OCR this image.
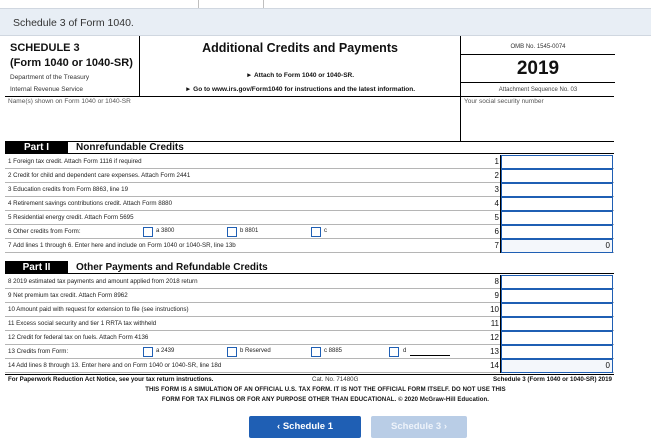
Schedule 3 of Form 1040.
SCHEDULE 3
(Form 1040 or 1040-SR)
Department of the Treasury
Internal Revenue Service
Additional Credits and Payments
► Attach to Form 1040 or 1040-SR.
► Go to www.irs.gov/Form1040 for instructions and the latest information.
OMB No. 1545-0074
2019
Attachment Sequence No. 03
Name(s) shown on Form 1040 or 1040-SR	Your social security number
Part I	Nonrefundable Credits
1 Foreign tax credit. Attach Form 1116 if required	1
2 Credit for child and dependent care expenses. Attach Form 2441	2
3 Education credits from Form 8863, line 19	3
4 Retirement savings contributions credit. Attach Form 8880	4
5 Residential energy credit. Attach Form 5695	5
6 Other credits from Form:	a 3800	b 8801	c	6
7 Add lines 1 through 6. Enter here and include on Form 1040 or 1040-SR, line 13b	7	0
Part II	Other Payments and Refundable Credits
8 2019 estimated tax payments and amount applied from 2018 return	8
9 Net premium tax credit. Attach Form 8962	9
10 Amount paid with request for extension to file (see instructions)	10
11 Excess social security and tier 1 RRTA tax withheld	11
12 Credit for federal tax on fuels. Attach Form 4136	12
13 Credits from Form:	a 2439	b Reserved	c 8885	d	13
14 Add lines 8 through 13. Enter here and on Form 1040 or 1040-SR, line 18d	14	0
For Paperwork Reduction Act Notice, see your tax return instructions.	Cat. No. 71480G	Schedule 3 (Form 1040 or 1040-SR) 2019
THIS FORM IS A SIMULATION OF AN OFFICIAL U.S. TAX FORM. IT IS NOT THE OFFICIAL FORM ITSELF. DO NOT USE THIS
FORM FOR TAX FILINGS OR FOR ANY PURPOSE OTHER THAN EDUCATIONAL. © 2020 McGraw-Hill Education.
‹ Schedule 1	Schedule 3 ›
